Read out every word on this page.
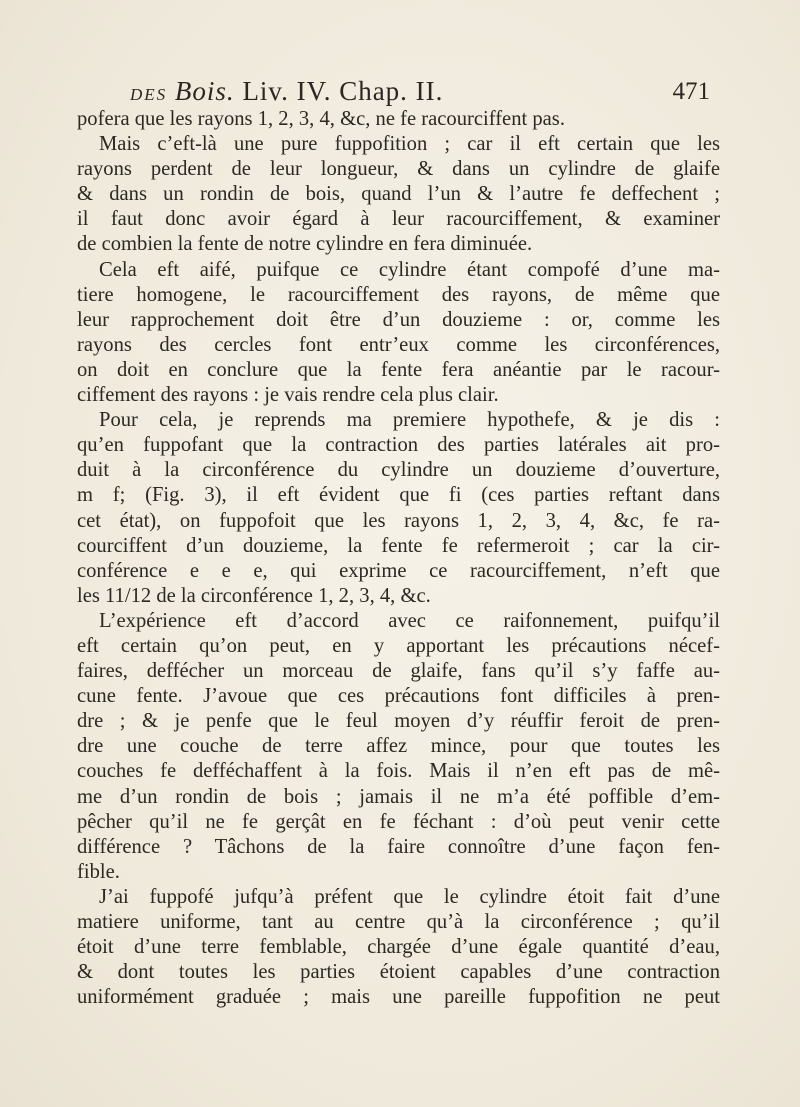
DES Bois. Liv. IV. Chap. II.	471
pofera que les rayons 1, 2, 3, 4, &c, ne fe racourciffent pas.
Mais c’eft-là une pure fuppofition ; car il eft certain que les
rayons perdent de leur longueur, & dans un cylindre de glaife
& dans un rondin de bois, quand l’un & l’autre fe deffechent ;
il faut donc avoir égard à leur racourciffement, & examiner
de combien la fente de notre cylindre en fera diminuée.
Cela eft aifé, puifque ce cylindre étant compofé d’une ma-
tiere homogene, le racourciffement des rayons, de même que
leur rapprochement doit être d’un douzieme : or, comme les
rayons des cercles font entr’eux comme les circonférences,
on doit en conclure que la fente fera anéantie par le racour-
ciffement des rayons : je vais rendre cela plus clair.
Pour cela, je reprends ma premiere hypothefe, & je dis :
qu’en fuppofant que la contraction des parties latérales ait pro-
duit à la circonférence du cylindre un douzieme d’ouverture,
m f; (Fig. 3), il eft évident que fi (ces parties reftant dans
cet état), on fuppofoit que les rayons 1, 2, 3, 4, &c, fe ra-
courciffent d’un douzieme, la fente fe refermeroit ; car la cir-
conférence e e e, qui exprime ce racourciffement, n’eft que
les 11/12 de la circonférence 1, 2, 3, 4, &c.
L’expérience eft d’accord avec ce raifonnement, puifqu’il
eft certain qu’on peut, en y apportant les précautions nécef-
faires, deffécher un morceau de glaife, fans qu’il s’y faffe au-
cune fente. J’avoue que ces précautions font difficiles à pren-
dre ; & je penfe que le feul moyen d’y réuffir feroit de pren-
dre une couche de terre affez mince, pour que toutes les
couches fe defféchaffent à la fois. Mais il n’en eft pas de mê-
me d’un rondin de bois ; jamais il ne m’a été poffible d’em-
pêcher qu’il ne fe gerçât en fe féchant : d’où peut venir cette
différence ? Tâchons de la faire connoître d’une façon fen-
fible.
J’ai fuppofé jufqu’à préfent que le cylindre étoit fait d’une
matiere uniforme, tant au centre qu’à la circonférence ; qu’il
étoit d’une terre femblable, chargée d’une égale quantité d’eau,
& dont toutes les parties étoient capables d’une contraction
uniformément graduée ; mais une pareille fuppofition ne peut
